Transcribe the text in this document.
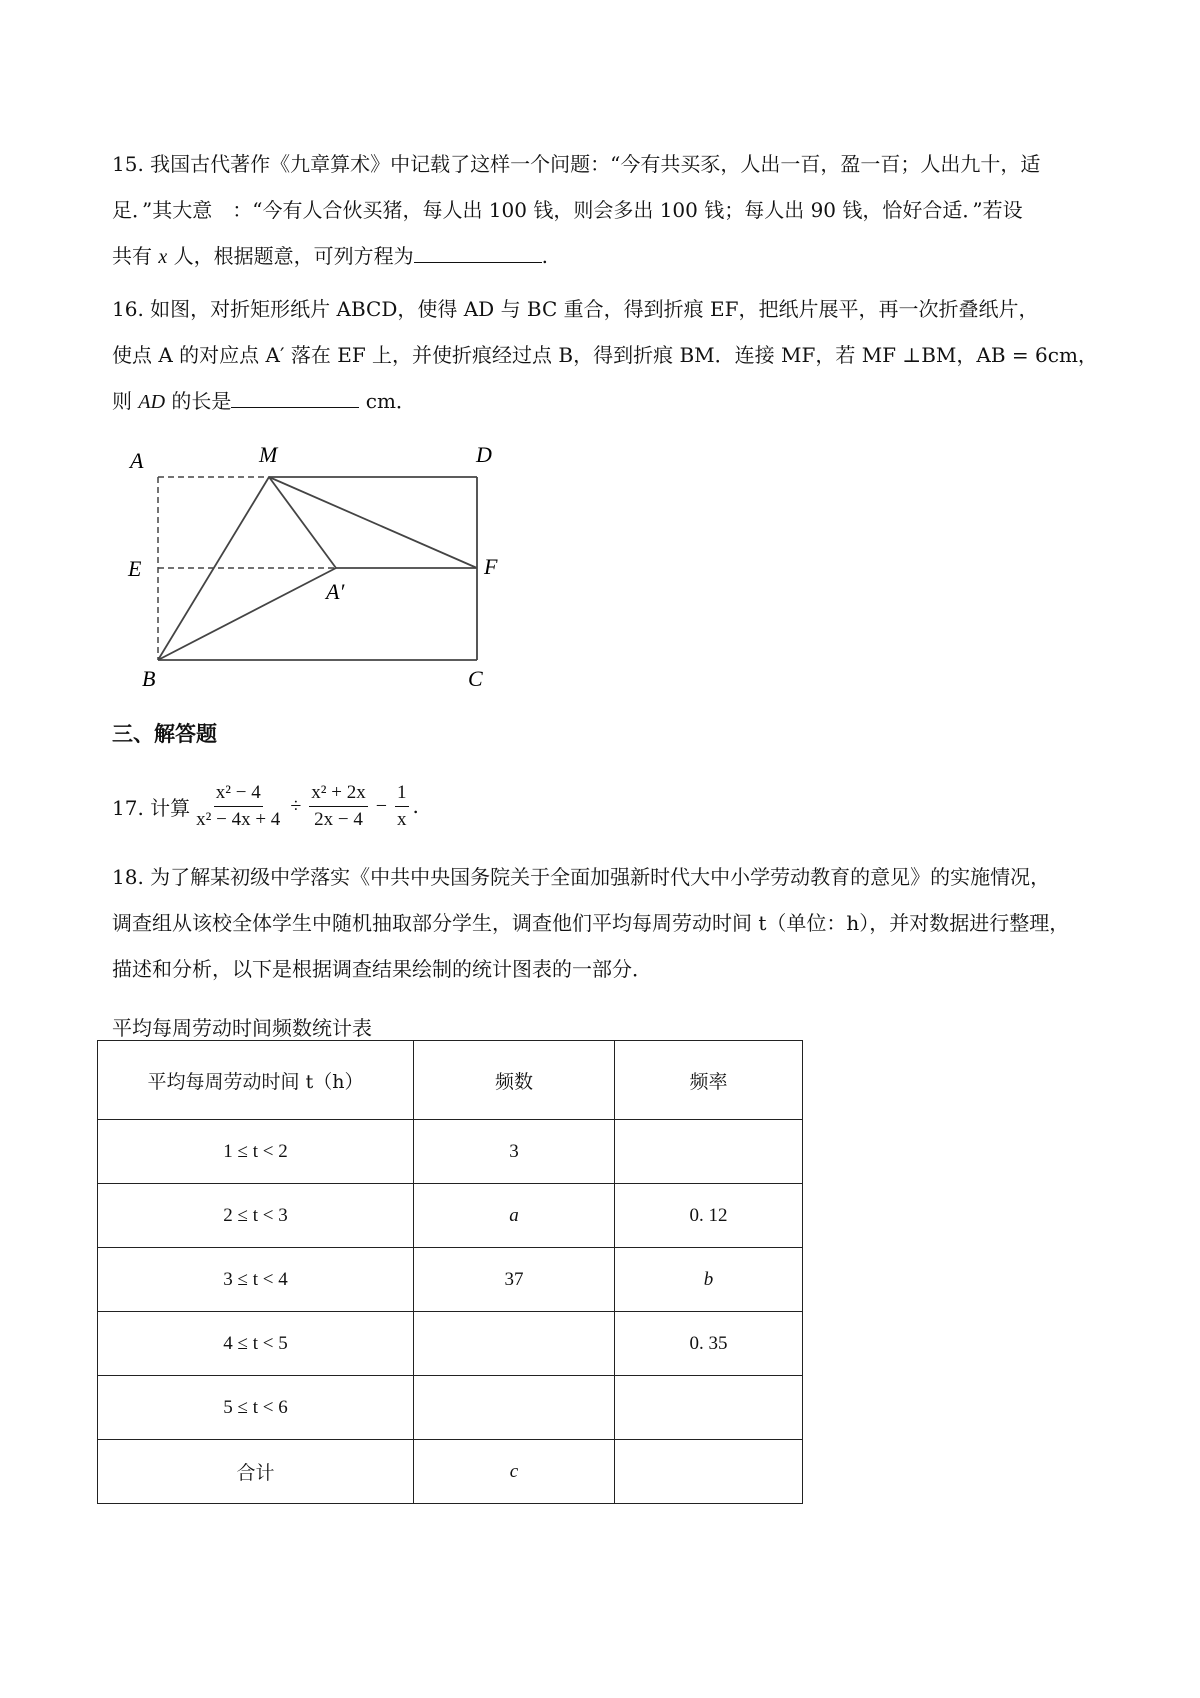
15. 我国古代著作《九章算术》中记载了这样一个问题：“今有共买豕，人出一百，盈一百；人出九十，适
足．”其大意　：“今有人合伙买猪，每人出 100 钱，则会多出 100 钱；每人出 90 钱，恰好合适．”若设
共有 x 人，根据题意，可列方程为	.
16. 如图，对折矩形纸片 ABCD，使得 AD 与 BC 重合，得到折痕 EF，把纸片展平，再一次折叠纸片，
使点 A 的对应点 A′ 落在 EF 上，并使折痕经过点 B，得到折痕 BM．连接 MF，若 MF ⊥BM，AB = 6cm，
则 AD 的长是	cm．
A	M	D
E	F
A′
B	C
三、解答题
17. 计算 $\frac{\text{x² − 4}}{\text{x² − 4x + 4}} \div \frac{\text{x² + 2x}}{2x - 4} - \frac{1}{x}$ .
18. 为了解某初级中学落实《中共中央国务院关于全面加强新时代大中小学劳动教育的意见》的实施情况，
调查组从该校全体学生中随机抽取部分学生，调查他们平均每周劳动时间 t（单位：h），并对数据进行整理，
描述和分析，以下是根据调查结果绘制的统计图表的一部分．
平均每周劳动时间频数统计表
平均每周劳动时间 t（h）	频数	频率
1 ≤ t < 2	3	
2 ≤ t < 3	a	0. 12
3 ≤ t < 4	37	b
4 ≤ t < 5		0. 35
5 ≤ t < 6		
合计	c	
